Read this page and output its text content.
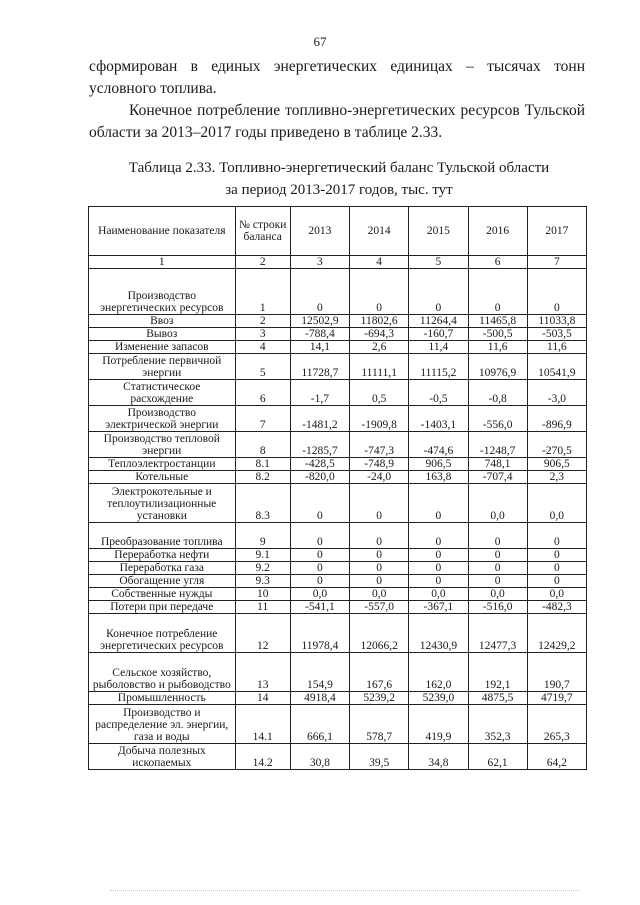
67

сформирован в единых энергетических единицах – тысячах тонн условного топлива.

Конечное потребление топливно-энергетических ресурсов Тульской области за 2013–2017 годы приведено в таблице 2.33.

Таблица 2.33. Топливно-энергетический баланс Тульской области
за период 2013-2017 годов, тыс. тут
Наименование показателя	№ строки баланса	2013	2014	2015	2016	2017
1	2	3	4	5	6	7
Производство энергетических ресурсов	1	0	0	0	0	0
Ввоз	2	12502,9	11802,6	11264,4	11465,8	11033,8
Вывоз	3	-788,4	-694,3	-160,7	-500,5	-503,5
Изменение запасов	4	14,1	2,6	11,4	11,6	11,6
Потребление первичной энергии	5	11728,7	11111,1	11115,2	10976,9	10541,9
Статистическое расхождение	6	-1,7	0,5	-0,5	-0,8	-3,0
Производство электрической энергии	7	-1481,2	-1909,8	-1403,1	-556,0	-896,9
Производство тепловой энергии	8	-1285,7	-747,3	-474,6	-1248,7	-270,5
Теплоэлектростанции	8.1	-428,5	-748,9	906,5	748,1	906,5
Котельные	8.2	-820,0	-24,0	163,8	-707,4	2,3
Электрокотельные и теплоутилизационные установки	8.3	0	0	0	0,0	0,0
Преобразование топлива	9	0	0	0	0	0
Переработка нефти	9.1	0	0	0	0	0
Переработка газа	9.2	0	0	0	0	0
Обогащение угля	9.3	0	0	0	0	0
Собственные нужды	10	0,0	0,0	0,0	0,0	0,0
Потери при передаче	11	-541,1	-557,0	-367,1	-516,0	-482,3
Конечное потребление энергетических ресурсов	12	11978,4	12066,2	12430,9	12477,3	12429,2
Сельское хозяйство, рыболовство и рыбоводство	13	154,9	167,6	162,0	192,1	190,7
Промышленность	14	4918,4	5239,2	5239,0	4875,5	4719,7
Производство и распределение эл. энергии, газа и воды	14.1	666,1	578,7	419,9	352,3	265,3
Добыча полезных ископаемых	14.2	30,8	39,5	34,8	62,1	64,2
